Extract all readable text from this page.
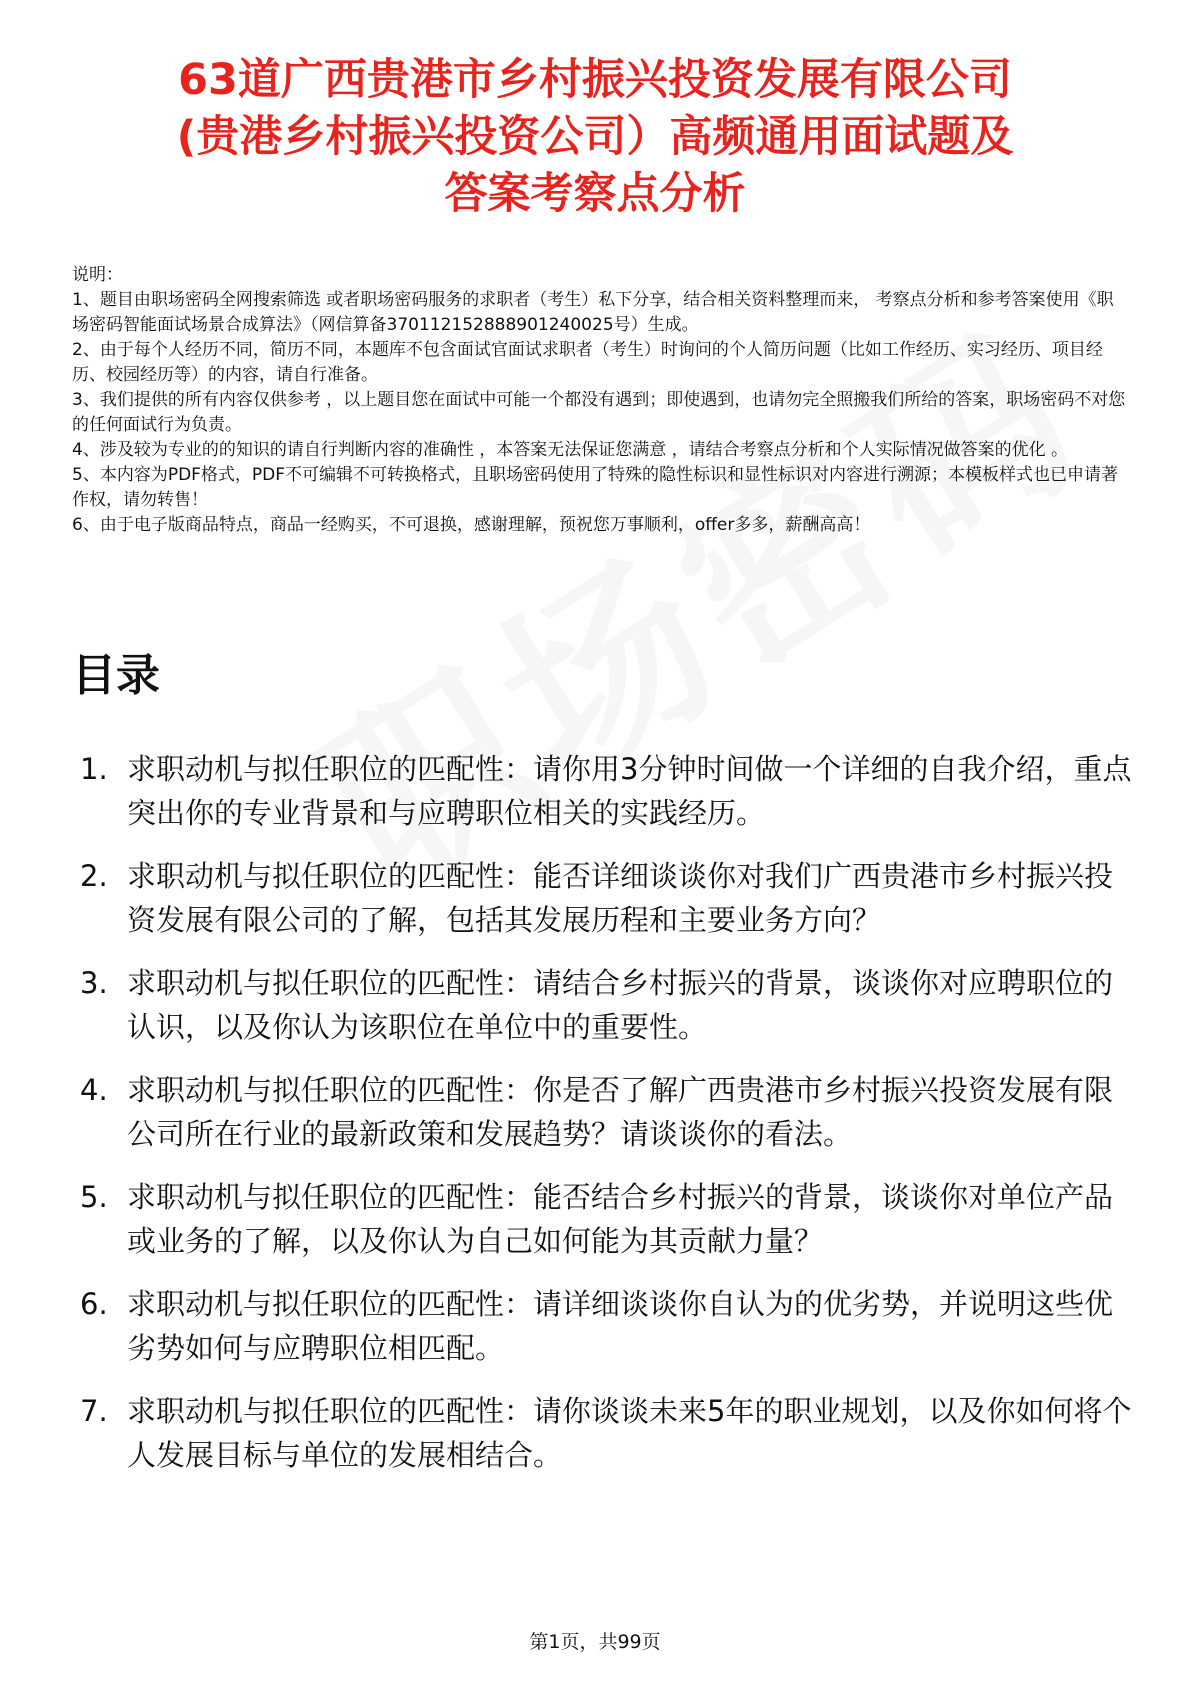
63道广西贵港市乡村振兴投资发展有限公司
(贵港乡村振兴投资公司）高频通用面试题及
答案考察点分析
说明：
1、题目由职场密码全网搜索筛选 或者职场密码服务的求职者（考生）私下分享，结合相关资料整理而来， 考察点分析和参考答案使用《职场密码智能面试场景合成算法》（网信算备370112152888901240025号）生成。
2、由于每个人经历不同，简历不同，本题库不包含面试官面试求职者（考生）时询问的个人简历问题（比如工作经历、实习经历、项目经历、校园经历等）的内容，请自行准备。
3、我们提供的所有内容仅供参考 ，以上题目您在面试中可能一个都没有遇到；即使遇到，也请勿完全照搬我们所给的答案，职场密码不对您的任何面试行为负责。
4、涉及较为专业的的知识的请自行判断内容的准确性 ，本答案无法保证您满意 ，请结合考察点分析和个人实际情况做答案的优化 。
5、本内容为PDF格式，PDF不可编辑不可转换格式，且职场密码使用了特殊的隐性标识和显性标识对内容进行溯源；本模板样式也已申请著作权，请勿转售！
6、由于电子版商品特点，商品一经购买，不可退换，感谢理解，预祝您万事顺利，offer多多，薪酬高高！
目录
1. 求职动机与拟任职位的匹配性：请你用3分钟时间做一个详细的自我介绍，重点突出你的专业背景和与应聘职位相关的实践经历。
2. 求职动机与拟任职位的匹配性：能否详细谈谈你对我们广西贵港市乡村振兴投资发展有限公司的了解，包括其发展历程和主要业务方向？
3. 求职动机与拟任职位的匹配性：请结合乡村振兴的背景，谈谈你对应聘职位的认识，以及你认为该职位在单位中的重要性。
4. 求职动机与拟任职位的匹配性：你是否了解广西贵港市乡村振兴投资发展有限公司所在行业的最新政策和发展趋势？请谈谈你的看法。
5. 求职动机与拟任职位的匹配性：能否结合乡村振兴的背景，谈谈你对单位产品或业务的了解，以及你认为自己如何能为其贡献力量？
6. 求职动机与拟任职位的匹配性：请详细谈谈你自认为的优劣势，并说明这些优劣势如何与应聘职位相匹配。
7. 求职动机与拟任职位的匹配性：请你谈谈未来5年的职业规划，以及你如何将个人发展目标与单位的发展相结合。
第1页，共99页
